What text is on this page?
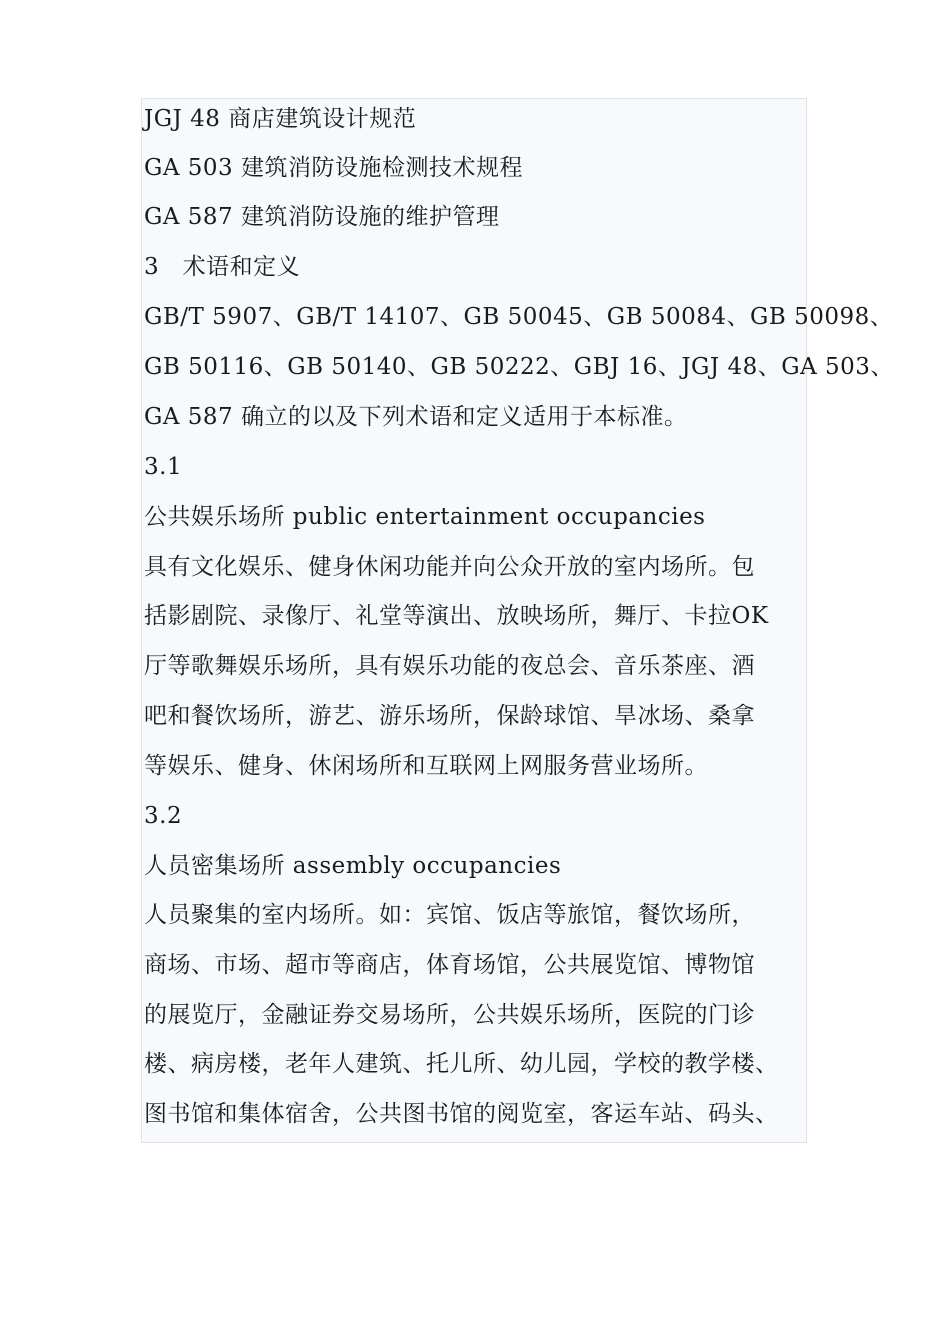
JGJ 48 商店建筑设计规范

GA 503 建筑消防设施检测技术规程

GA 587 建筑消防设施的维护管理

3　术语和定义

GB/T 5907、GB/T 14107、GB 50045、GB 50084、GB 50098、

GB 50116、GB 50140、GB 50222、GBJ 16、JGJ 48、GA 503、

GA 587 确立的以及下列术语和定义适用于本标准。

3.1

公共娱乐场所 public entertainment occupancies

具有文化娱乐、健身休闲功能并向公众开放的室内场所。包

括影剧院、录像厅、礼堂等演出、放映场所，舞厅、卡拉OK

厅等歌舞娱乐场所，具有娱乐功能的夜总会、音乐茶座、酒

吧和餐饮场所，游艺、游乐场所，保龄球馆、旱冰场、桑拿

等娱乐、健身、休闲场所和互联网上网服务营业场所。

3.2

人员密集场所 assembly occupancies

人员聚集的室内场所。如：宾馆、饭店等旅馆，餐饮场所，

商场、市场、超市等商店，体育场馆，公共展览馆、博物馆

的展览厅，金融证券交易场所，公共娱乐场所，医院的门诊

楼、病房楼，老年人建筑、托儿所、幼儿园，学校的教学楼、

图书馆和集体宿舍，公共图书馆的阅览室，客运车站、码头、
